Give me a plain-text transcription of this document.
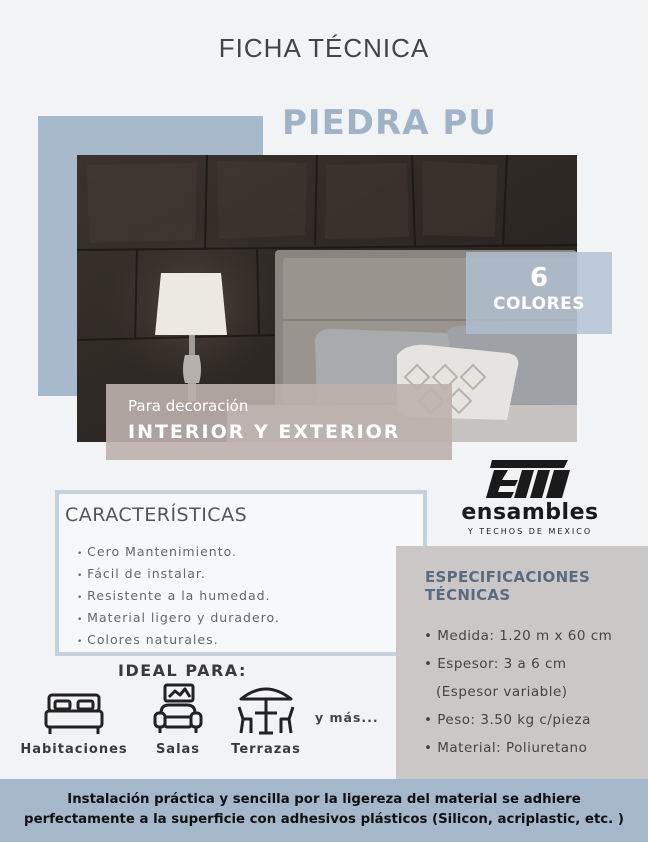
FICHA TÉCNICA
PIEDRA PU
6
COLORES
Para decoración
INTERIOR Y EXTERIOR
ensambles
Y TECHOS DE MEXICO
CARACTERÍSTICAS
• Cero Mantenimiento.
• Fácil de instalar.
• Resistente a la humedad.
• Material ligero y duradero.
• Colores naturales.
ESPECIFICACIONES TÉCNICAS
• Medida: 1.20 m x 60 cm
• Espesor: 3 a 6 cm
(Espesor variable)
• Peso: 3.50 kg c/pieza
• Material: Poliuretano
IDEAL PARA:
Habitaciones	Salas	Terrazas
y más...
Instalación práctica y sencilla por la ligereza del material se adhiere
perfectamente a la superficie con adhesivos plásticos (Silicon, acriplastic, etc. )
